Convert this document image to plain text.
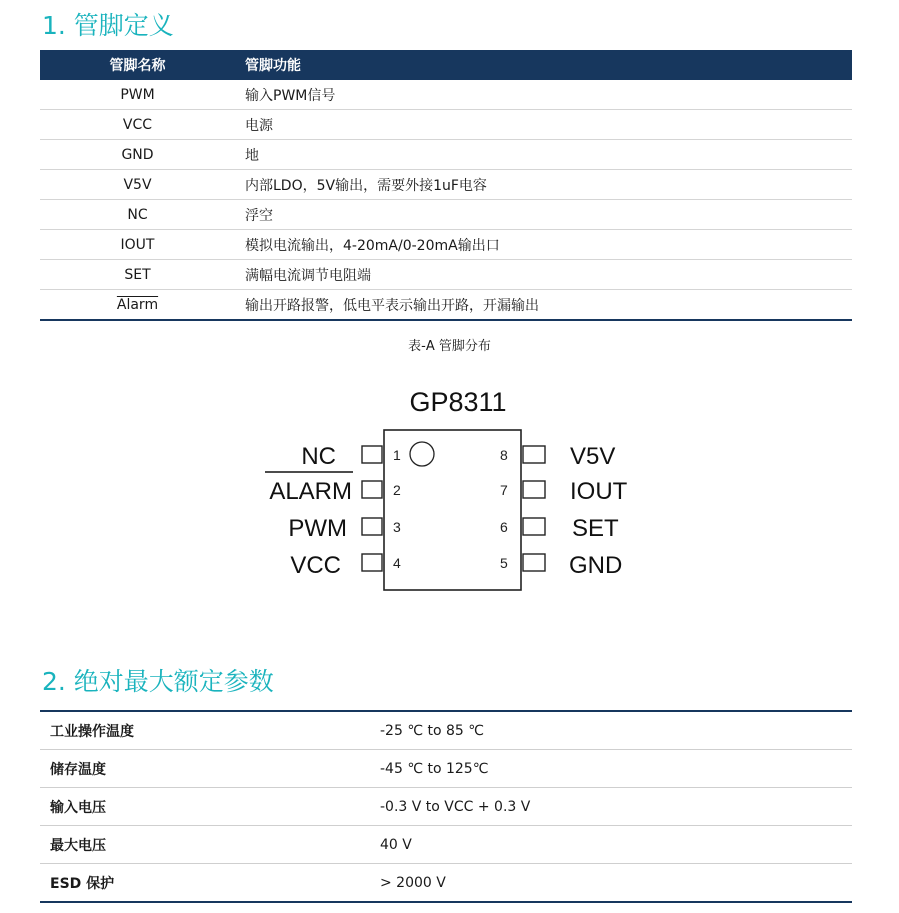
1. 管脚定义
管脚名称	管脚功能
PWM	输入PWM信号
VCC	电源
GND	地
V5V	内部LDO，5V输出，需要外接1uF电容
NC	浮空
IOUT	模拟电流输出，4-20mA/0-20mA输出口
SET	满幅电流调节电阻端
Alarm	输出开路报警，低电平表示输出开路，开漏输出

表-A 管脚分布

GP8311
1
2
3
4
8
7
6
5
NC
ALARM
PWM
VCC
V5V
IOUT
SET
GND
2. 绝对最大额定参数
工业操作温度	-25 ℃ to 85 ℃
储存温度	-45 ℃ to 125℃
输入电压	-0.3 V to VCC + 0.3 V
最大电压	40 V
ESD 保护	> 2000 V
